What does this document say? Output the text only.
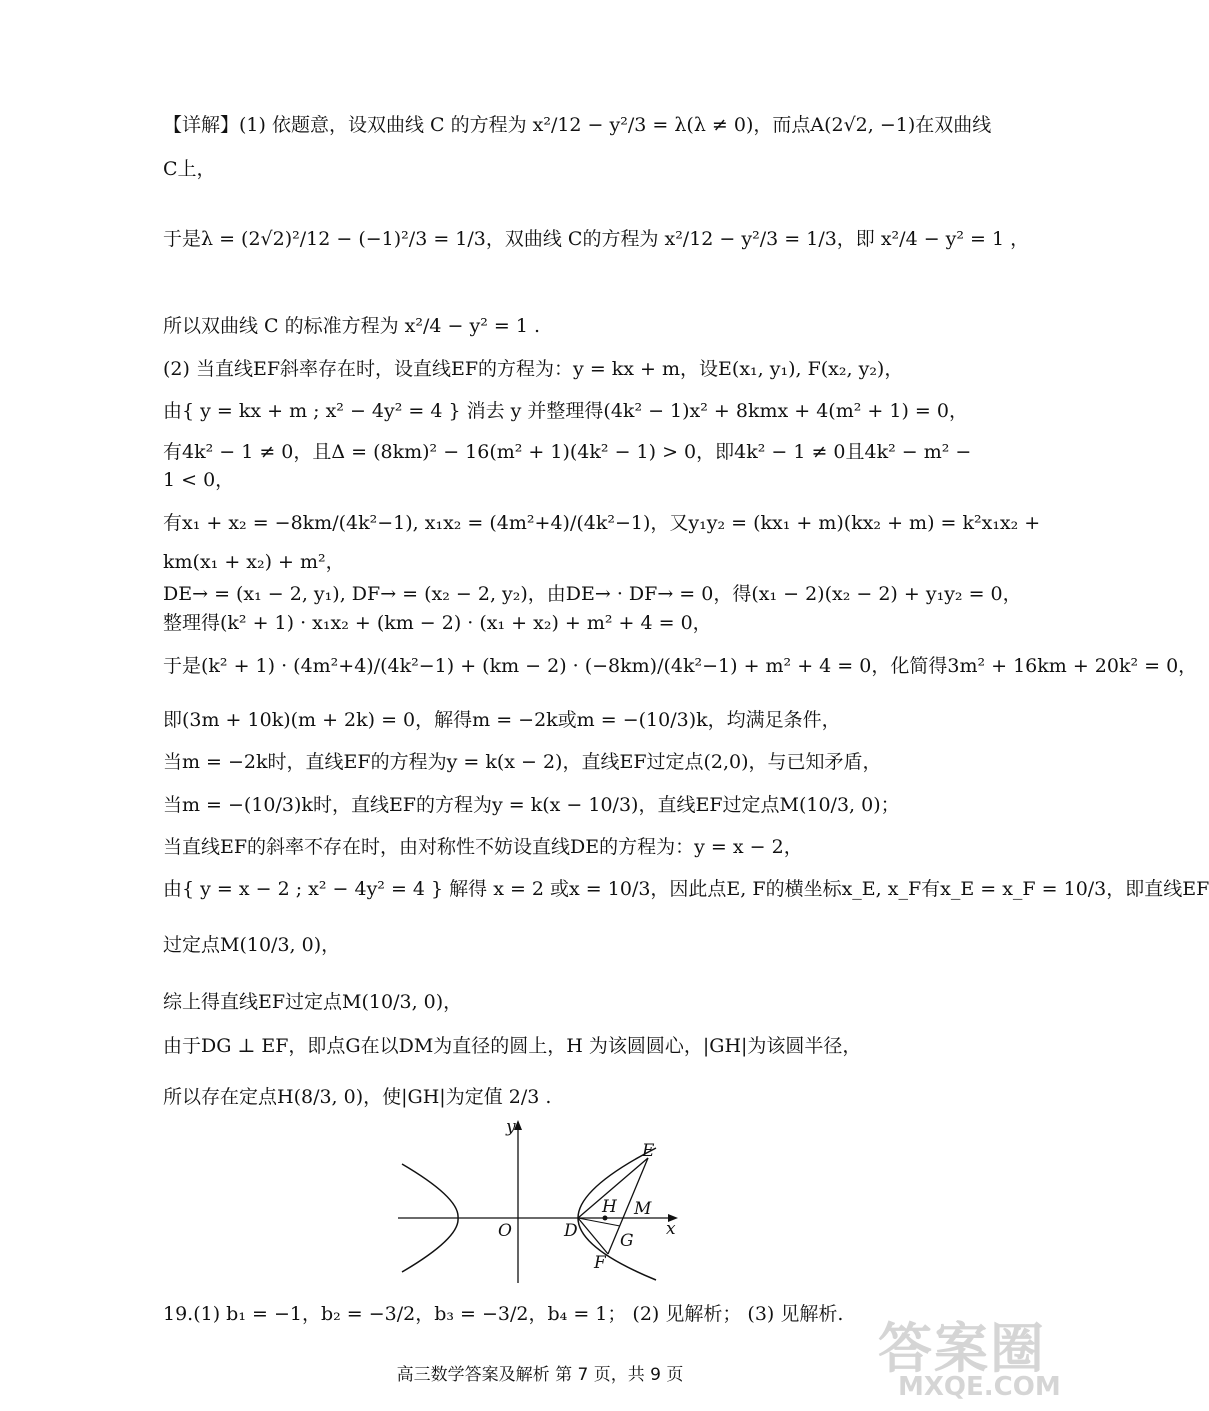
【详解】(1) 依题意，设双曲线 C 的方程为 x²/12 − y²/3 = λ(λ ≠ 0)，而点A(2√2, −1)在双曲线
C上，
于是λ = (2√2)²/12 − (−1)²/3 = 1/3，双曲线 C的方程为 x²/12 − y²/3 = 1/3，即 x²/4 − y² = 1 ，
所以双曲线 C 的标准方程为 x²/4 − y² = 1 .
(2) 当直线EF斜率存在时，设直线EF的方程为：y = kx + m，设E(x₁, y₁), F(x₂, y₂)，
由{ y = kx + m ; x² − 4y² = 4 } 消去 y 并整理得(4k² − 1)x² + 8kmx + 4(m² + 1) = 0，
有4k² − 1 ≠ 0，且Δ = (8km)² − 16(m² + 1)(4k² − 1) > 0，即4k² − 1 ≠ 0且4k² − m² −
1 < 0，
有x₁ + x₂ = −8km/(4k²−1), x₁x₂ = (4m²+4)/(4k²−1)，又y₁y₂ = (kx₁ + m)(kx₂ + m) = k²x₁x₂ +
km(x₁ + x₂) + m²，
DE→ = (x₁ − 2, y₁), DF→ = (x₂ − 2, y₂)，由DE→ · DF→ = 0，得(x₁ − 2)(x₂ − 2) + y₁y₂ = 0，
整理得(k² + 1) · x₁x₂ + (km − 2) · (x₁ + x₂) + m² + 4 = 0，
于是(k² + 1) · (4m²+4)/(4k²−1) + (km − 2) · (−8km)/(4k²−1) + m² + 4 = 0，化简得3m² + 16km + 20k² = 0，
即(3m + 10k)(m + 2k) = 0，解得m = −2k或m = −(10/3)k，均满足条件，
当m = −2k时，直线EF的方程为y = k(x − 2)，直线EF过定点(2,0)，与已知矛盾，
当m = −(10/3)k时，直线EF的方程为y = k(x − 10/3)，直线EF过定点M(10/3, 0)；
当直线EF的斜率不存在时，由对称性不妨设直线DE的方程为：y = x − 2，
由{ y = x − 2 ; x² − 4y² = 4 } 解得 x = 2 或x = 10/3，因此点E, F的横坐标x_E, x_F有x_E = x_F = 10/3，即直线EF
过定点M(10/3, 0)，
综上得直线EF过定点M(10/3, 0)，
由于DG ⊥ EF，即点G在以DM为直径的圆上，H 为该圆圆心，|GH|为该圆半径，
所以存在定点H(8/3, 0)，使|GH|为定值 2/3 .
y
x
O	D
E
F
G
H M
19.(1) b₁ = −1，b₂ = −3/2，b₃ = −3/2，b₄ = 1； (2) 见解析； (3) 见解析.
高三数学答案及解析 第 7 页，共 9 页	答案圈
MXQE.COM
